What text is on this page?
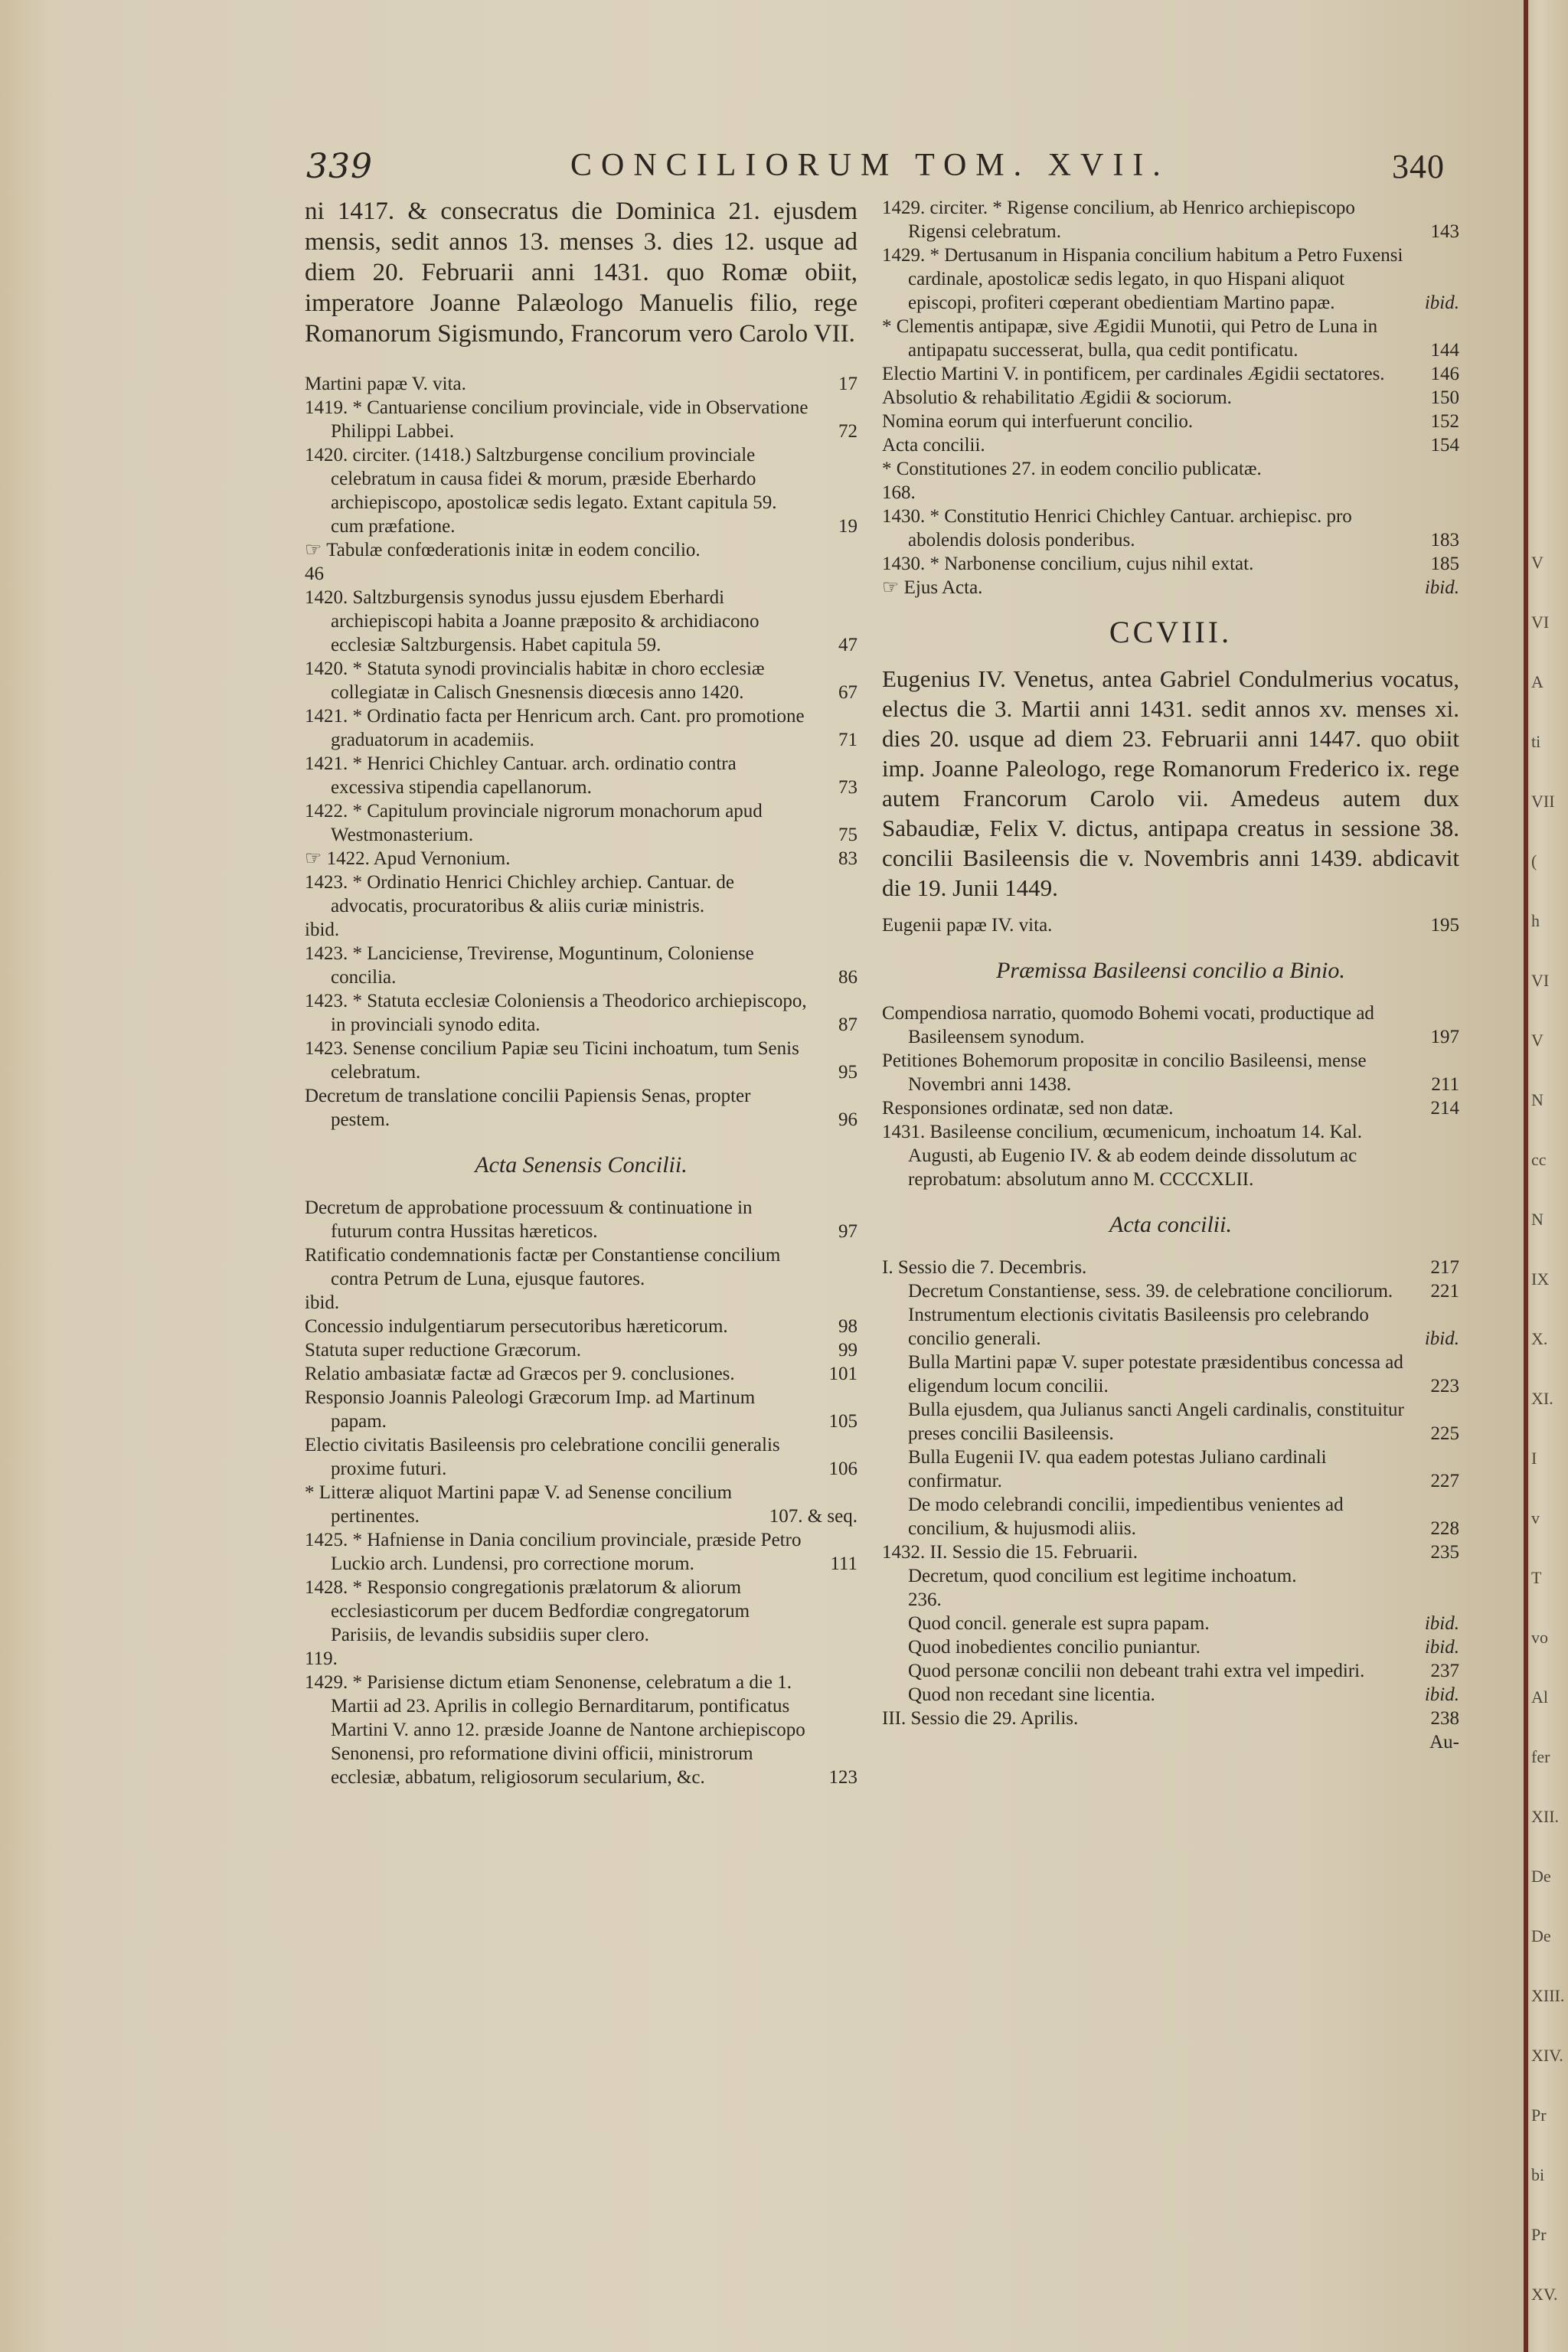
339	CONCILIORUM TOM. XVII.	340

ni 1417. & consecratus die Dominica 21. ejusdem mensis, sedit annos 13. menses 3. dies 12. usque ad diem 20. Februarii anni 1431. quo Romæ obiit, imperatore Joanne Palæologo Manuelis filio, rege Romanorum Sigismundo, Francorum vero Carolo VII.

Martini papæ V. vita.	17

1419. * Cantuariense concilium provinciale, vide in Observatione Philippi Labbei.	72

1420. circiter. (1418.) Saltzburgense concilium provinciale celebratum in causa fidei & morum, præside Eberhardo archiepiscopo, apostolicæ sedis legato. Extant capitula 59. cum præfatione.	19

☞ Tabulæ confœderationis initæ in eodem concilio.

46

1420. Saltzburgensis synodus jussu ejusdem Eberhardi archiepiscopi habita a Joanne præposito & archidiacono ecclesiæ Saltzburgensis. Habet capitula 59.	47

1420. * Statuta synodi provincialis habitæ in choro ecclesiæ collegiatæ in Calisch Gnesnensis diœcesis anno 1420.	67

1421. * Ordinatio facta per Henricum arch. Cant. pro promotione graduatorum in academiis.	71

1421. * Henrici Chichley Cantuar. arch. ordinatio contra excessiva stipendia capellanorum.	73

1422. * Capitulum provinciale nigrorum monachorum apud Westmonasterium.	75

☞ 1422. Apud Vernonium.	83

1423. * Ordinatio Henrici Chichley archiep. Cantuar. de advocatis, procuratoribus & aliis curiæ ministris.

ibid.

1423. * Lanciciense, Trevirense, Moguntinum, Coloniense concilia.	86

1423. * Statuta ecclesiæ Coloniensis a Theodorico archiepiscopo, in provinciali synodo edita.	87

1423. Senense concilium Papiæ seu Ticini inchoatum, tum Senis celebratum.	95

Decretum de translatione concilii Papiensis Senas, propter pestem.	96

Acta Senensis Concilii.

Decretum de approbatione processuum & continuatione in futurum contra Hussitas hæreticos.	97

Ratificatio condemnationis factæ per Constantiense concilium contra Petrum de Luna, ejusque fautores.

ibid.

Concessio indulgentiarum persecutoribus hæreticorum.	98

Statuta super reductione Græcorum.	99

Relatio ambasiatæ factæ ad Græcos per 9. conclusiones.	101

Responsio Joannis Paleologi Græcorum Imp. ad Martinum papam.	105

Electio civitatis Basileensis pro celebratione concilii generalis proxime futuri.	106

* Litteræ aliquot Martini papæ V. ad Senense concilium pertinentes.	107. & seq.

1425. * Hafniense in Dania concilium provinciale, præside Petro Luckio arch. Lundensi, pro correctione morum.	111

1428. * Responsio congregationis prælatorum & aliorum ecclesiasticorum per ducem Bedfordiæ congregatorum Parisiis, de levandis subsidiis super clero.

119.

1429. * Parisiense dictum etiam Senonense, celebratum a die 1. Martii ad 23. Aprilis in collegio Bernarditarum, pontificatus Martini V. anno 12. præside Joanne de Nantone archiepiscopo Senonensi, pro reformatione divini officii, ministrorum ecclesiæ, abbatum, religiosorum secularium, &c.	123

1429. circiter. * Rigense concilium, ab Henrico archiepiscopo Rigensi celebratum.	143

1429. * Dertusanum in Hispania concilium habitum a Petro Fuxensi cardinale, apostolicæ sedis legato, in quo Hispani aliquot episcopi, profiteri cœperant obedientiam Martino papæ.	ibid.

* Clementis antipapæ, sive Ægidii Munotii, qui Petro de Luna in antipapatu successerat, bulla, qua cedit pontificatu.	144

Electio Martini V. in pontificem, per cardinales Ægidii sectatores. 146

Absolutio & rehabilitatio Ægidii & sociorum.	150

Nomina eorum qui interfuerunt concilio.	152

Acta concilii.	154

* Constitutiones 27. in eodem concilio publicatæ.

168.

1430. * Constitutio Henrici Chichley Cantuar. archiepisc. pro abolendis dolosis ponderibus.	183

1430. * Narbonense concilium, cujus nihil extat.	185

☞ Ejus Acta.	ibid.

CCVIII.

Eugenius IV. Venetus, antea Gabriel Condulmerius vocatus, electus die 3. Martii anni 1431. sedit annos xv. menses xi. dies 20. usque ad diem 23. Februarii anni 1447. quo obiit imp. Joanne Paleologo, rege Romanorum Frederico ix. rege autem Francorum Carolo vii. Amedeus autem dux Sabaudiæ, Felix V. dictus, antipapa creatus in sessione 38. concilii Basileensis die v. Novembris anni 1439. abdicavit die 19. Junii 1449.

Eugenii papæ IV. vita.	195

Præmissa Basileensi concilio a Binio.

Compendiosa narratio, quomodo Bohemi vocati, productique ad Basileensem synodum.	197

Petitiones Bohemorum propositæ in concilio Basileensi, mense Novembri anni 1438.	211

Responsiones ordinatæ, sed non datæ.	214

1431. Basileense concilium, œcumenicum, inchoatum 14. Kal. Augusti, ab Eugenio IV. & ab eodem deinde dissolutum ac reprobatum: absolutum anno M. CCCCXLII.

Acta concilii.

I. Sessio die 7. Decembris.	217

Decretum Constantiense, sess. 39. de celebratione conciliorum. 221

Instrumentum electionis civitatis Basileensis pro celebrando concilio generali.	ibid.

Bulla Martini papæ V. super potestate præsidentibus concessa ad eligendum locum concilii.	223

Bulla ejusdem, qua Julianus sancti Angeli cardinalis, constituitur preses concilii Basileensis.	225

Bulla Eugenii IV. qua eadem potestas Juliano cardinali confirmatur.	227

De modo celebrandi concilii, impedientibus venientes ad concilium, & hujusmodi aliis.	228

1432. II. Sessio die 15. Februarii.	235

Decretum, quod concilium est legitime inchoatum.

236.

Quod concil. generale est supra papam.	ibid.

Quod inobedientes concilio puniantur.	ibid.

Quod personæ concilii non debeant trahi extra vel impediri.	237

Quod non recedant sine licentia.	ibid.

III. Sessio die 29. Aprilis.	238

Au-
V
VI
A
ti
VII
(
h
VI
V
N
cc
N
IX
X.
XI.
I
v
T
vo
Al
fer
XII.
De
De
XIII.
XIV.
Pr
bi
Pr
XV.
